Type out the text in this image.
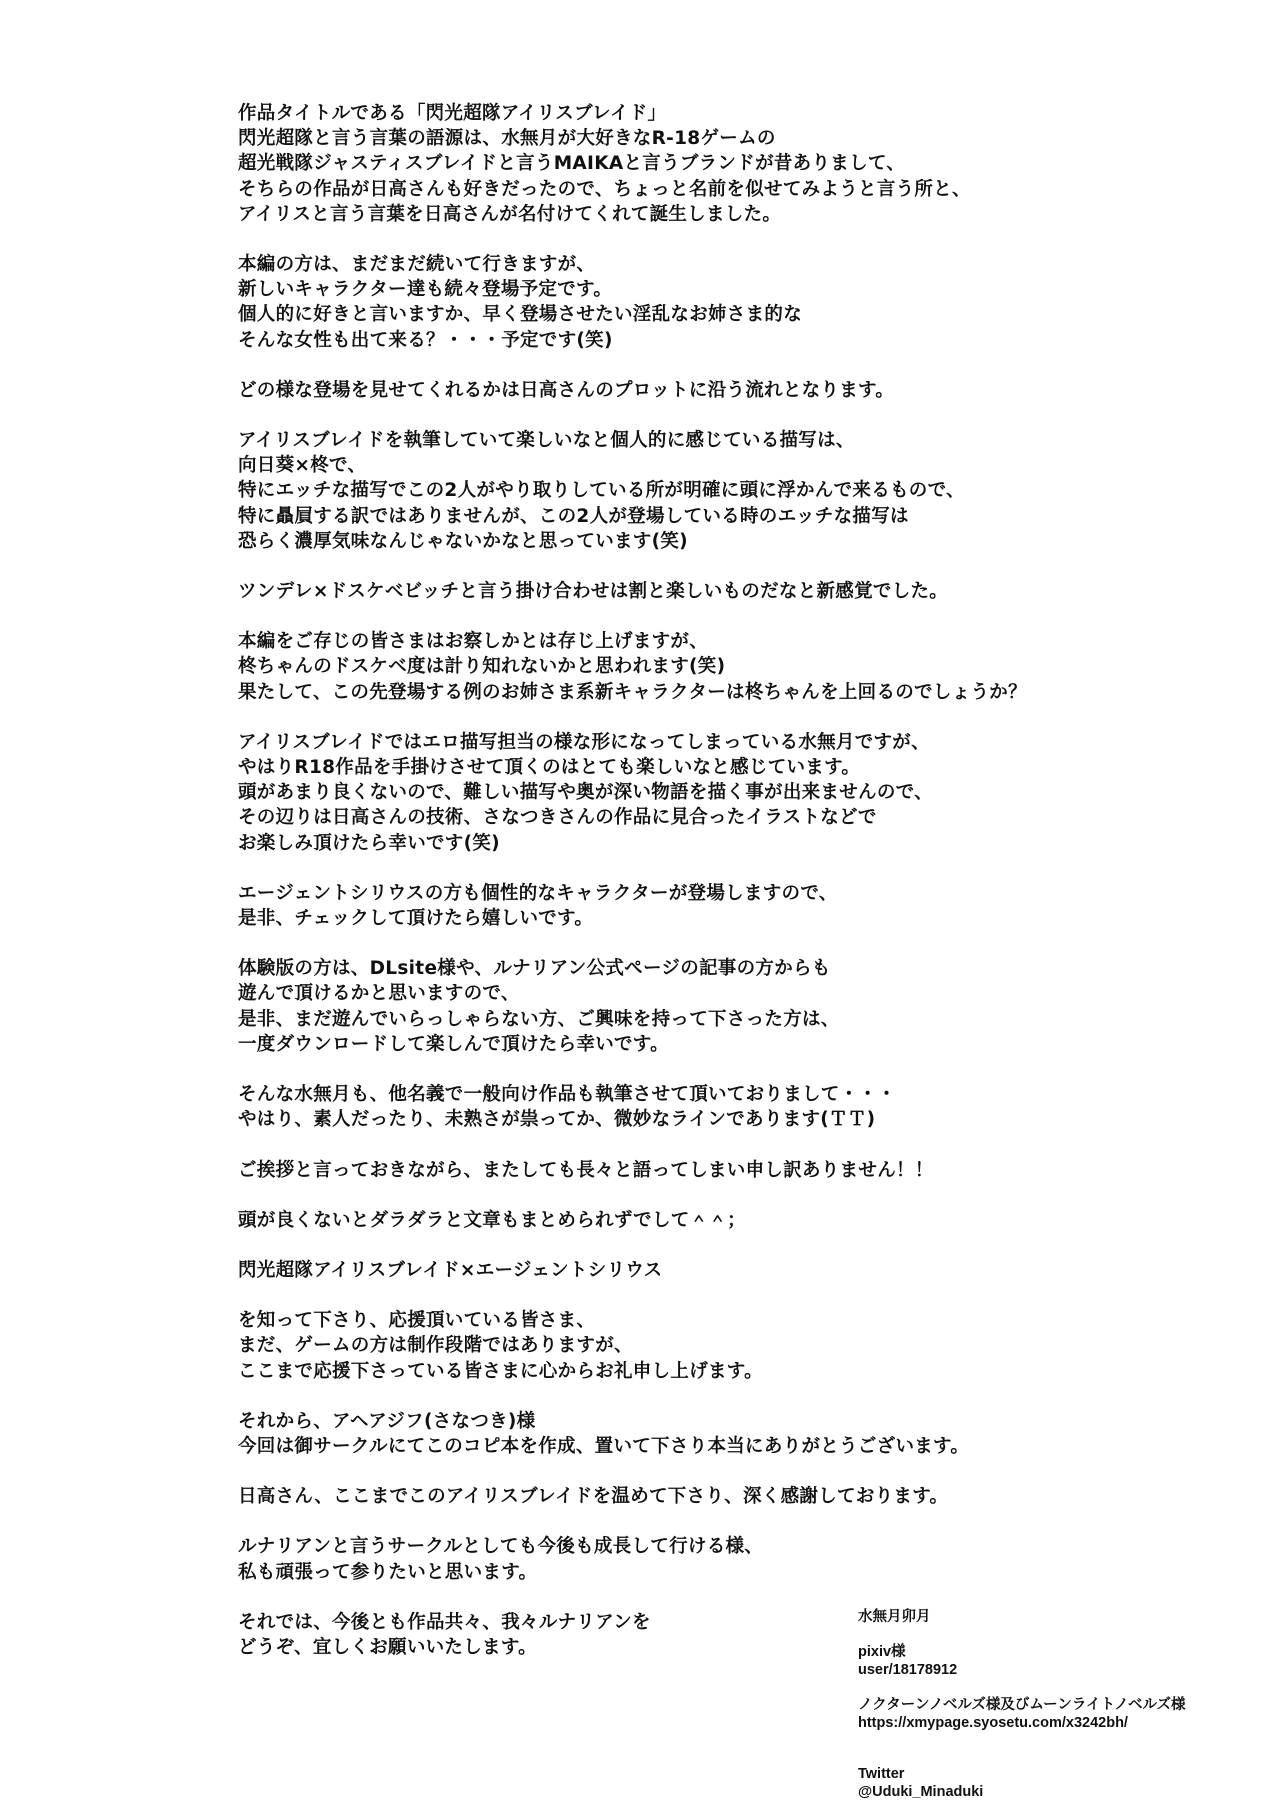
作品タイトルである「閃光超隊アイリスブレイド」
閃光超隊と言う言葉の語源は、水無月が大好きなR-18ゲームの
超光戦隊ジャスティスブレイドと言うMAIKAと言うブランドが昔ありまして、
そちらの作品が日高さんも好きだったので、ちょっと名前を似せてみようと言う所と、
アイリスと言う言葉を日高さんが名付けてくれて誕生しました。
本編の方は、まだまだ続いて行きますが、
新しいキャラクター達も続々登場予定です。
個人的に好きと言いますか、早く登場させたい淫乱なお姉さま的な
そんな女性も出て来る？・・・予定です(笑)
どの様な登場を見せてくれるかは日高さんのプロットに沿う流れとなります。
アイリスブレイドを執筆していて楽しいなと個人的に感じている描写は、
向日葵×柊で、
特にエッチな描写でこの2人がやり取りしている所が明確に頭に浮かんで来るもので、
特に贔屓する訳ではありませんが、この2人が登場している時のエッチな描写は
恐らく濃厚気味なんじゃないかなと思っています(笑)
ツンデレ×ドスケベビッチと言う掛け合わせは割と楽しいものだなと新感覚でした。
本編をご存じの皆さまはお察しかとは存じ上げますが、
柊ちゃんのドスケベ度は計り知れないかと思われます(笑)
果たして、この先登場する例のお姉さま系新キャラクターは柊ちゃんを上回るのでしょうか？
アイリスブレイドではエロ描写担当の様な形になってしまっている水無月ですが、
やはりR18作品を手掛けさせて頂くのはとても楽しいなと感じています。
頭があまり良くないので、難しい描写や奥が深い物語を描く事が出来ませんので、
その辺りは日高さんの技術、さなつきさんの作品に見合ったイラストなどで
お楽しみ頂けたら幸いです(笑)
エージェントシリウスの方も個性的なキャラクターが登場しますので、
是非、チェックして頂けたら嬉しいです。
体験版の方は、DLsite様や、ルナリアン公式ページの記事の方からも
遊んで頂けるかと思いますので、
是非、まだ遊んでいらっしゃらない方、ご興味を持って下さった方は、
一度ダウンロードして楽しんで頂けたら幸いです。
そんな水無月も、他名義で一般向け作品も執筆させて頂いておりまして・・・
やはり、素人だったり、未熟さが祟ってか、微妙なラインであります(ＴＴ)
ご挨拶と言っておきながら、またしても長々と語ってしまい申し訳ありません！！
頭が良くないとダラダラと文章もまとめられずでして＾＾；
閃光超隊アイリスブレイド×エージェントシリウス
を知って下さり、応援頂いている皆さま、
まだ、ゲームの方は制作段階ではありますが、
ここまで応援下さっている皆さまに心からお礼申し上げます。
それから、アヘアジフ(さなつき)様
今回は御サークルにてこのコピ本を作成、置いて下さり本当にありがとうございます。
日高さん、ここまでこのアイリスブレイドを温めて下さり、深く感謝しております。
ルナリアンと言うサークルとしても今後も成長して行ける様、
私も頑張って参りたいと思います。
それでは、今後とも作品共々、我々ルナリアンを
どうぞ、宜しくお願いいたします。
水無月卯月
pixiv様
user/18178912
ノクターンノベルズ様及びムーンライトノベルズ様
https://xmypage.syosetu.com/x3242bh/
Twitter
@Uduki_Minaduki
